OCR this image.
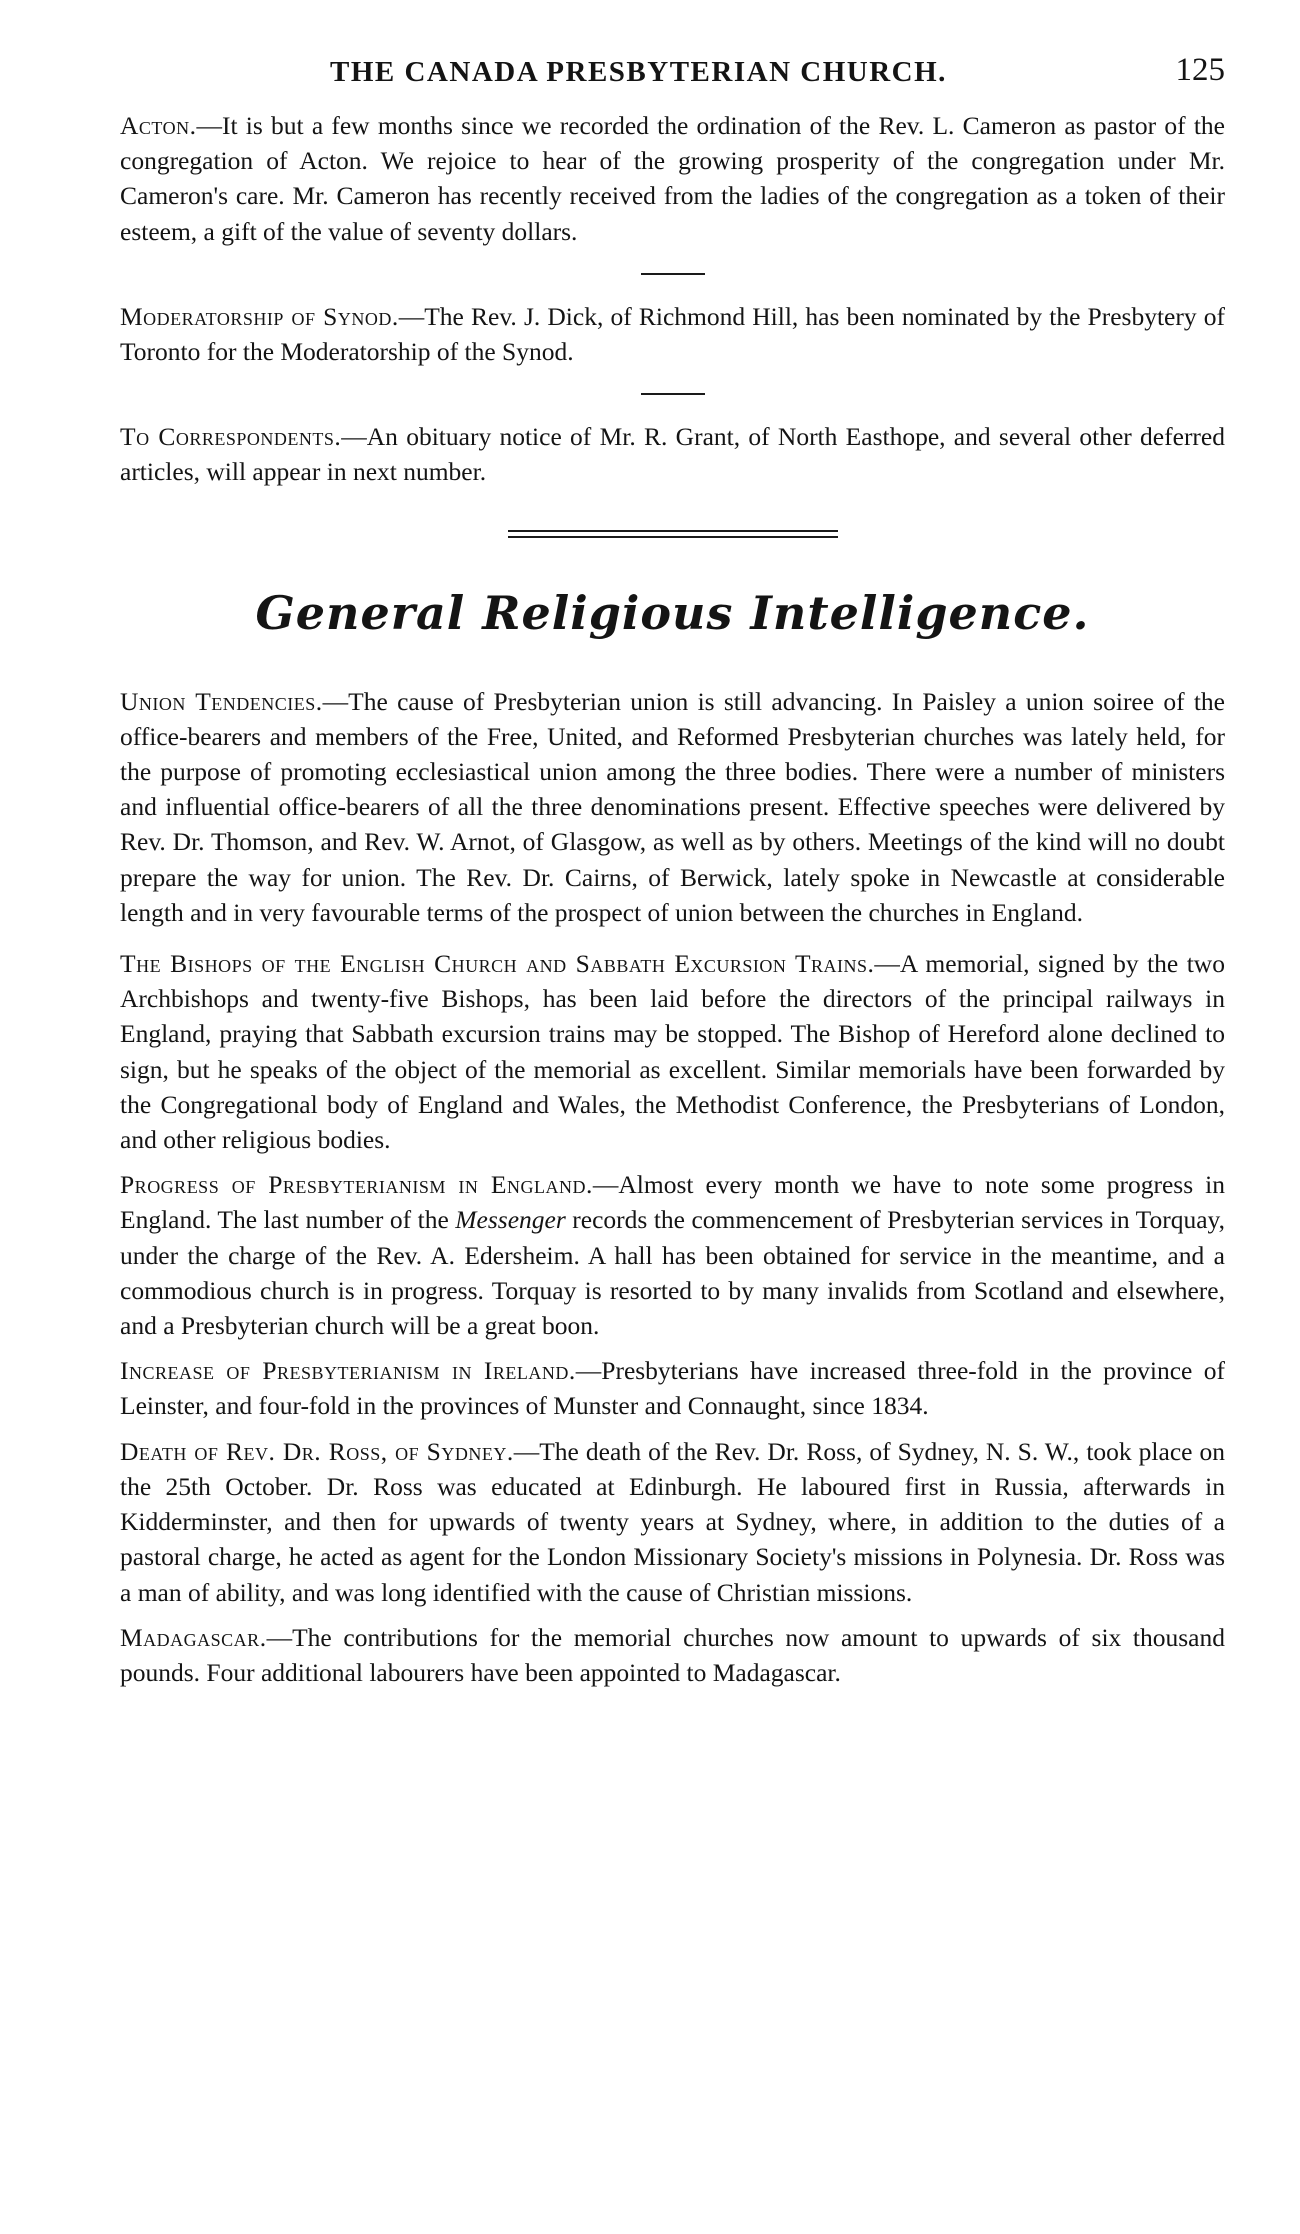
THE CANADA PRESBYTERIAN CHURCH.	125

Acton.—It is but a few months since we recorded the ordination of the Rev. L. Cameron as pastor of the congregation of Acton. We rejoice to hear of the growing prosperity of the congregation under Mr. Cameron's care. Mr. Cameron has recently received from the ladies of the congregation as a token of their esteem, a gift of the value of seventy dollars.

Moderatorship of Synod.—The Rev. J. Dick, of Richmond Hill, has been nominated by the Presbytery of Toronto for the Moderatorship of the Synod.

To Correspondents.—An obituary notice of Mr. R. Grant, of North Easthope, and several other deferred articles, will appear in next number.

General Religious Intelligence.

Union Tendencies.—The cause of Presbyterian union is still advancing. In Paisley a union soiree of the office-bearers and members of the Free, United, and Reformed Presbyterian churches was lately held, for the purpose of promoting ecclesiastical union among the three bodies. There were a number of ministers and influential office-bearers of all the three denominations present. Effective speeches were delivered by Rev. Dr. Thomson, and Rev. W. Arnot, of Glasgow, as well as by others. Meetings of the kind will no doubt prepare the way for union. The Rev. Dr. Cairns, of Berwick, lately spoke in Newcastle at considerable length and in very favourable terms of the prospect of union between the churches in England.

The Bishops of the English Church and Sabbath Excursion Trains.—A memorial, signed by the two Archbishops and twenty-five Bishops, has been laid before the directors of the principal railways in England, praying that Sabbath excursion trains may be stopped. The Bishop of Hereford alone declined to sign, but he speaks of the object of the memorial as excellent. Similar memorials have been forwarded by the Congregational body of England and Wales, the Methodist Conference, the Presbyterians of London, and other religious bodies.

Progress of Presbyterianism in England.—Almost every month we have to note some progress in England. The last number of the Messenger records the commencement of Presbyterian services in Torquay, under the charge of the Rev. A. Edersheim. A hall has been obtained for service in the meantime, and a commodious church is in progress. Torquay is resorted to by many invalids from Scotland and elsewhere, and a Presbyterian church will be a great boon.

Increase of Presbyterianism in Ireland.—Presbyterians have increased three-fold in the province of Leinster, and four-fold in the provinces of Munster and Connaught, since 1834.

Death of Rev. Dr. Ross, of Sydney.—The death of the Rev. Dr. Ross, of Sydney, N. S. W., took place on the 25th October. Dr. Ross was educated at Edinburgh. He laboured first in Russia, afterwards in Kidderminster, and then for upwards of twenty years at Sydney, where, in addition to the duties of a pastoral charge, he acted as agent for the London Missionary Society's missions in Polynesia. Dr. Ross was a man of ability, and was long identified with the cause of Christian missions.

Madagascar.—The contributions for the memorial churches now amount to upwards of six thousand pounds. Four additional labourers have been appointed to Madagascar.
